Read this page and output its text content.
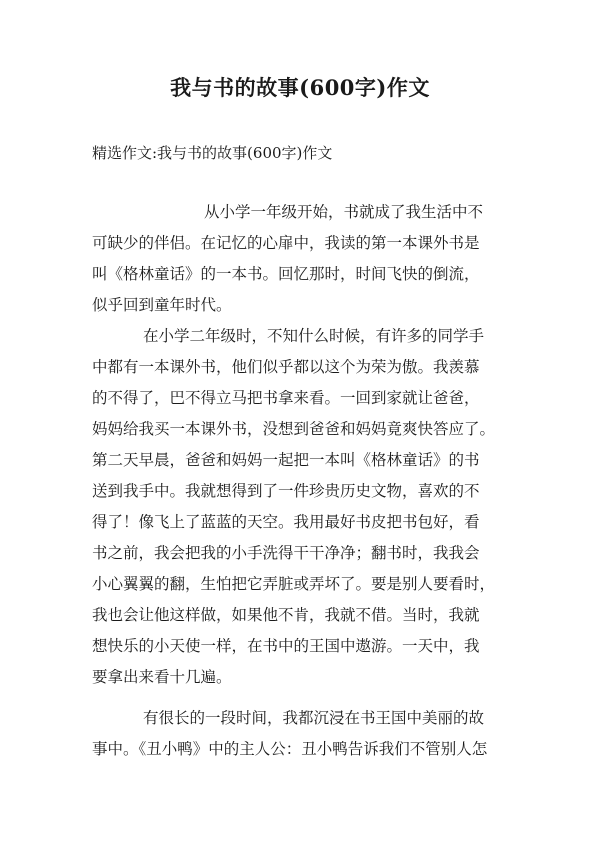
我与书的故事(600字)作文
精选作文:我与书的故事(600字)作文
从小学一年级开始，书就成了我生活中不
可缺少的伴侣。在记忆的心扉中，我读的第一本课外书是
叫《格林童话》的一本书。回忆那时，时间飞快的倒流，
似乎回到童年时代。
在小学二年级时，不知什么时候，有许多的同学手
中都有一本课外书，他们似乎都以这个为荣为傲。我羡慕
的不得了，巴不得立马把书拿来看。一回到家就让爸爸，
妈妈给我买一本课外书，没想到爸爸和妈妈竟爽快答应了。
第二天早晨，爸爸和妈妈一起把一本叫《格林童话》的书
送到我手中。我就想得到了一件珍贵历史文物，喜欢的不
得了！像飞上了蓝蓝的天空。我用最好书皮把书包好，看
书之前，我会把我的小手洗得干干净净；翻书时，我我会
小心翼翼的翻，生怕把它弄脏或弄坏了。要是别人要看时，
我也会让他这样做，如果他不肯，我就不借。当时，我就
想快乐的小天使一样，在书中的王国中遨游。一天中，我
要拿出来看十几遍。
有很长的一段时间，我都沉浸在书王国中美丽的故
事中。《丑小鸭》中的主人公：丑小鸭告诉我们不管别人怎
